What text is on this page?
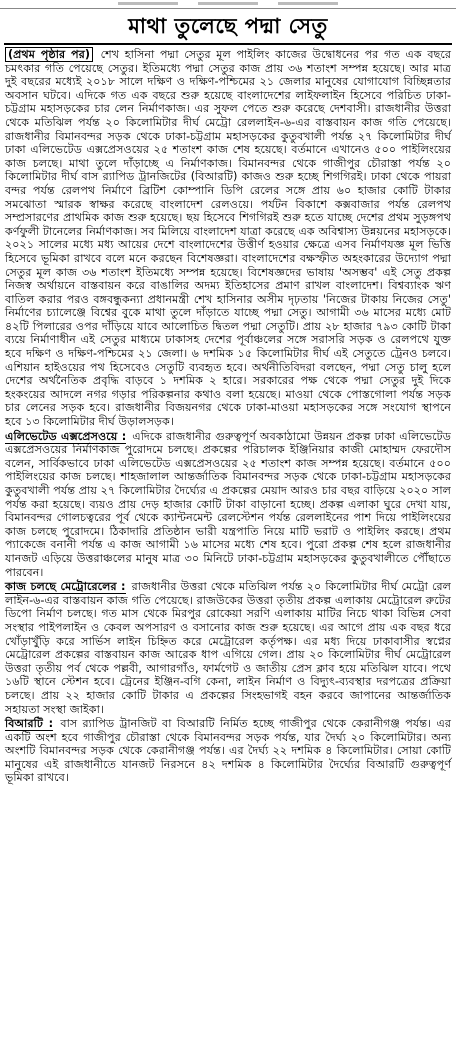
মাথা তুলেছে পদ্মা সেতু

(প্রথম পৃষ্ঠার পর) শেখ হাসিনা পদ্মা সেতুর মূল পাইলিং কাজের উদ্বোধনের পর গত এক বছরে চমৎকার গতি পেয়েছে সেতুর। ইতিমধ্যে পদ্মা সেতুর কাজ প্রায় ৩৬ শতাংশ সম্পন্ন হয়েছে। আর মাত্র দুই বছরের মধ্যেই ২০১৮ সালে দক্ষিণ ও দক্ষিণ-পশ্চিমের ২১ জেলার মানুষের যোগাযোগ বিচ্ছিন্নতার অবসান ঘটবে। এদিকে গত এক বছরে শুরু হয়েছে বাংলাদেশের লাইফলাইন হিসেবে পরিচিত ঢাকা-চট্টগ্রাম মহাসড়কের চার লেন নির্মাণকাজ। এর সুফল পেতে শুরু করেছে দেশবাসী। রাজধানীর উত্তরা থেকে মতিঝিল পর্যন্ত ২০ কিলোমিটার দীর্ঘ মেট্রো রেললাইন-৬-এর বাস্তবায়ন কাজ গতি পেয়েছে। রাজধানীর বিমানবন্দর সড়ক থেকে ঢাকা-চট্টগ্রাম মহাসড়কের কুতুবখালী পর্যন্ত ২৭ কিলোমিটার দীর্ঘ ঢাকা এলিভেটেড এক্সপ্রেসওয়ের ২৫ শতাংশ কাজ শেষ হয়েছে। বর্তমানে এখানেও ৫০০ পাইলিংয়ের কাজ চলছে। মাথা তুলে দাঁড়াচ্ছে এ নির্মাণকাজ। বিমানবন্দর থেকে গাজীপুর চৌরাস্তা পর্যন্ত ২০ কিলোমিটার দীর্ঘ বাস র‌্যাপিড ট্রানজিটের (বিআরটি) কাজও শুরু হচ্ছে শিগগিরই। ঢাকা থেকে পায়রা বন্দর পর্যন্ত রেলপথ নির্মাণে ব্রিটিশ কোম্পানি ডিপি রেলের সঙ্গে প্রায় ৬০ হাজার কোটি টাকার সমঝোতা স্মারক স্বাক্ষর করেছে বাংলাদেশ রেলওয়ে। পর্যটন বিকাশে কক্সবাজার পর্যন্ত রেলপথ সম্প্রসারণের প্রাথমিক কাজ শুরু হয়েছে। ছয় হিসেবে শিগগিরই শুরু হতে যাচ্ছে দেশের প্রথম সুড়ঙ্গপথ কর্ণফুলী টানেলের নির্মাণকাজ। সব মিলিয়ে বাংলাদেশ যাত্রা করেছে এক অবিশ্বাস্য উন্নয়নের মহাসড়কে। ২০২১ সালের মধ্যে মধ্য আয়ের দেশে বাংলাদেশের উত্তীর্ণ হওয়ার ক্ষেত্রে এসব নির্মাণযজ্ঞ মূল ভিত্তি হিসেবে ভূমিকা রাখবে বলে মনে করছেন বিশেষজ্ঞরা। বাংলাদেশের বক্ষস্ফীত অহংকারের উদ্যোগ পদ্মা সেতুর মূল কাজ ৩৬ শতাংশ ইতিমধ্যে সম্পন্ন হয়েছে। বিশেষজ্ঞদের ভাষায় 'অসম্ভব' এই সেতু প্রকল্প নিজস্ব অর্থায়নে বাস্তবায়ন করে বাঙালির অদম্য ইতিহাসের প্রমাণ রাখল বাংলাদেশ। বিশ্বব্যাংক ঋণ বাতিল করার পরও বঙ্গবন্ধুকন্যা প্রধানমন্ত্রী শেখ হাসিনার অসীম দৃঢ়তায় 'নিজের টাকায় নিজের সেতু' নির্মাণের চ্যালেঞ্জে বিশ্বের বুকে মাথা তুলে দাঁড়াতে যাচ্ছে পদ্মা সেতু। আগামী ৩৬ মাসের মধ্যে মোট ৪২টি পিলারের ওপর দাঁড়িয়ে যাবে আলোচিত দ্বিতল পদ্মা সেতুটি। প্রায় ২৮ হাজার ৭৯৩ কোটি টাকা ব্যয়ে নির্মাণাধীন এই সেতুর মাধ্যমে ঢাকাসহ দেশের পূর্বাঞ্চলের সঙ্গে সরাসরি সড়ক ও রেলপথে যুক্ত হবে দক্ষিণ ও দক্ষিণ-পশ্চিমের ২১ জেলা। ৬ দশমিক ১৫ কিলোমিটার দীর্ঘ এই সেতুতে ট্রেনও চলবে। এশিয়ান হাইওয়ের পথ হিসেবেও সেতুটি ব্যবহৃত হবে। অর্থনীতিবিদরা বলছেন, পদ্মা সেতু চালু হলে দেশের অর্থনৈতিক প্রবৃদ্ধি বাড়বে ১ দশমিক ২ হারে। সরকারের পক্ষ থেকে পদ্মা সেতুর দুই দিকে হংকংয়ের আদলে নগর গড়ার পরিকল্পনার কথাও বলা হয়েছে। মাওয়া থেকে পোস্তগোলা পর্যন্ত সড়ক চার লেনের সড়ক হবে। রাজধানীর বিজয়নগর থেকে ঢাকা-মাওয়া মহাসড়কের সঙ্গে সংযোগ স্থাপনে হবে ১৩ কিলোমিটার দীর্ঘ উড়ালসড়ক।

এলিভেটেড এক্সপ্রেসওয়ে : এদিকে রাজধানীর গুরুত্বপূর্ণ অবকাঠামো উন্নয়ন প্রকল্প ঢাকা এলিভেটেড এক্সপ্রেসওয়ের নির্মাণকাজ পুরোদমে চলছে। প্রকল্পের পরিচালক ইঞ্জিনিয়ার কাজী মোহাম্মদ ফেরদৌস বলেন, সার্বিকভাবে ঢাকা এলিভেটেড এক্সপ্রেসওয়ের ২৫ শতাংশ কাজ সম্পন্ন হয়েছে। বর্তমানে ৫০০ পাইলিংয়ের কাজ চলছে। শাহজালাল আন্তর্জাতিক বিমানবন্দর সড়ক থেকে ঢাকা-চট্টগ্রাম মহাসড়কের কুতুবখালী পর্যন্ত প্রায় ২৭ কিলোমিটার দৈর্ঘ্যের এ প্রকল্পের মেয়াদ আরও চার বছর বাড়িয়ে ২০২০ সাল পর্যন্ত করা হয়েছে। ব্যয়ও প্রায় দেড় হাজার কোটি টাকা বাড়ানো হচ্ছে। প্রকল্প এলাকা ঘুরে দেখা যায়, বিমানবন্দর গোলচত্বরের পূর্ব থেকে ক্যান্টনমেন্ট রেলস্টেশন পর্যন্ত রেললাইনের পাশ দিয়ে পাইলিংয়ের কাজ চলছে পুরোদমে। ঠিকাদারি প্রতিষ্ঠান ভারী যন্ত্রপাতি নিয়ে মাটি ভরাট ও পাইলিং করছে। প্রথম প্যাকেজে বনানী পর্যন্ত এ কাজ আগামী ১৬ মাসের মধ্যে শেষ হবে। পুরো প্রকল্প শেষ হলে রাজধানীর যানজট এড়িয়ে উত্তরাঞ্চলের মানুষ মাত্র ৩০ মিনিটে ঢাকা-চট্টগ্রাম মহাসড়কের কুতুবখালীতে পৌঁছাতে পারবেন।

কাজ চলছে মেট্রোরেলের : রাজধানীর উত্তরা থেকে মতিঝিল পর্যন্ত ২০ কিলোমিটার দীর্ঘ মেট্রো রেল লাইন-৬-এর বাস্তবায়ন কাজ গতি পেয়েছে। রাজউকের উত্তরা তৃতীয় প্রকল্প এলাকায় মেট্রোরেল রুটের ডিপো নির্মাণ চলছে। গত মাস থেকে মিরপুর রোকেয়া সরণি এলাকায় মাটির নিচে থাকা বিভিন্ন সেবা সংস্থার পাইপলাইন ও কেবল অপসারণ ও বসানোর কাজ শুরু হয়েছে। এর আগে প্রায় এক বছর ধরে খোঁড়াখুঁড়ি করে সার্ভিস লাইন চিহ্নিত করে মেট্রোরেল কর্তৃপক্ষ। এর মধ্য দিয়ে ঢাকাবাসীর স্বপ্নের মেট্রোরেল প্রকল্পের বাস্তবায়ন কাজ আরেক ধাপ এগিয়ে গেল। প্রায় ২০ কিলোমিটার দীর্ঘ মেট্রোরেল উত্তরা তৃতীয় পর্ব থেকে পল্লবী, আগারগাঁও, ফার্মগেট ও জাতীয় প্রেস ক্লাব হয়ে মতিঝিল যাবে। পথে ১৬টি স্থানে স্টেশন হবে। ট্রেনের ইঞ্জিন-বগি কেনা, লাইন নির্মাণ ও বিদ্যুৎ-ব্যবস্থার দরপত্রের প্রক্রিয়া চলছে। প্রায় ২২ হাজার কোটি টাকার এ প্রকল্পের সিংহভাগই বহন করবে জাপানের আন্তর্জাতিক সহায়তা সংস্থা জাইকা।

বিআরটি : বাস র‌্যাপিড ট্রানজিট বা বিআরটি নির্মিত হচ্ছে গাজীপুর থেকে কেরানীগঞ্জ পর্যন্ত। এর একটি অংশ হবে গাজীপুর চৌরাস্তা থেকে বিমানবন্দর সড়ক পর্যন্ত, যার দৈর্ঘ্য ২০ কিলোমিটার। অন্য অংশটি বিমানবন্দর সড়ক থেকে কেরানীগঞ্জ পর্যন্ত। এর দৈর্ঘ্য ২২ দশমিক ৪ কিলোমিটার। সোয়া কোটি মানুষের এই রাজধানীতে যানজট নিরসনে ৪২ দশমিক ৪ কিলোমিটার দৈর্ঘ্যের বিআরটি গুরুত্বপূর্ণ ভূমিকা রাখবে।
